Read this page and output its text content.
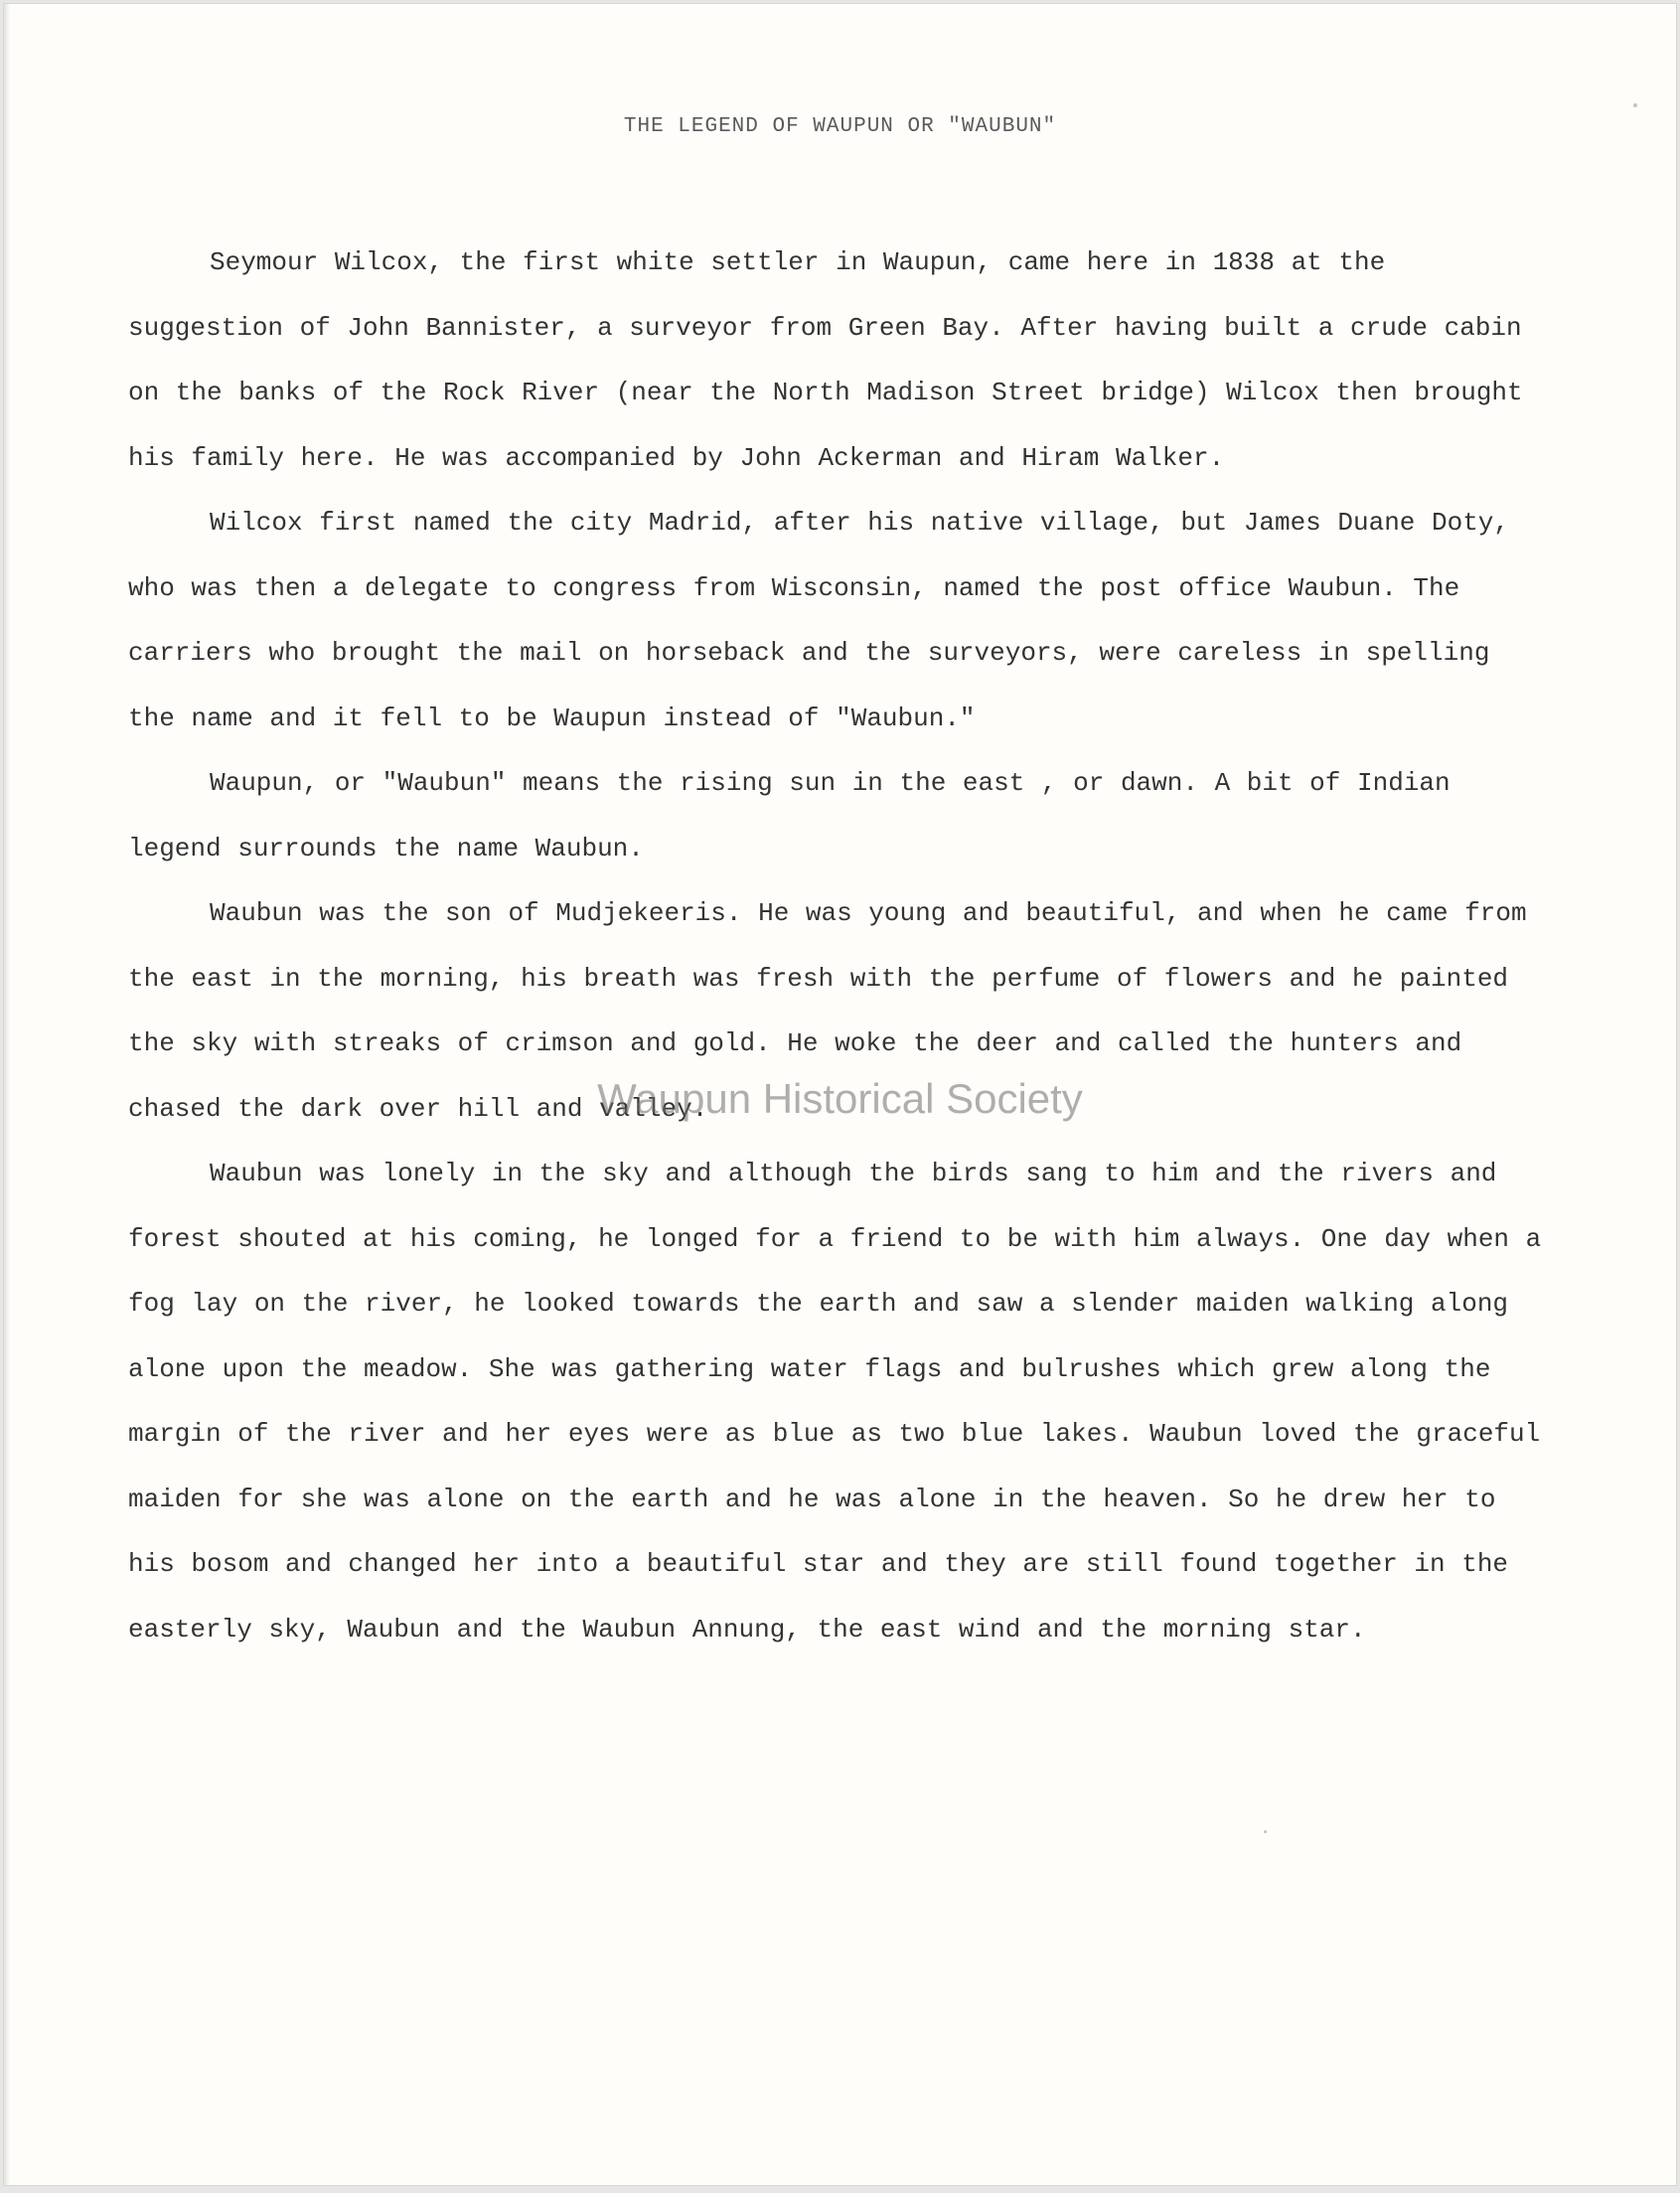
THE LEGEND OF WAUPUN OR "WAUBUN"

Seymour Wilcox, the first white settler in Waupun, came here in 1838 at the suggestion of John Bannister, a surveyor from Green Bay. After having built a crude cabin on the banks of the Rock River (near the North Madison Street bridge) Wilcox then brought his family here. He was accompanied by John Ackerman and Hiram Walker.

Wilcox first named the city Madrid, after his native village, but James Duane Doty, who was then a delegate to congress from Wisconsin, named the post office Waubun. The carriers who brought the mail on horseback and the surveyors, were careless in spelling the name and it fell to be Waupun instead of "Waubun."

Waupun, or "Waubun" means the rising sun in the east , or dawn. A bit of Indian legend surrounds the name Waubun.

Waubun was the son of Mudjekeeris. He was young and beautiful, and when he came from the east in the morning, his breath was fresh with the perfume of flowers and he painted the sky with streaks of crimson and gold. He woke the deer and called the hunters and chased the dark over hill and valley.

Waubun was lonely in the sky and although the birds sang to him and the rivers and forest shouted at his coming, he longed for a friend to be with him always. One day when a fog lay on the river, he looked towards the earth and saw a slender maiden walking along alone upon the meadow. She was gathering water flags and bulrushes which grew along the margin of the river and her eyes were as blue as two blue lakes. Waubun loved the graceful maiden for she was alone on the earth and he was alone in the heaven. So he drew her to his bosom and changed her into a beautiful star and they are still found together in the easterly sky, Waubun and the Waubun Annung, the east wind and the morning star.

Waupun Historical Society
